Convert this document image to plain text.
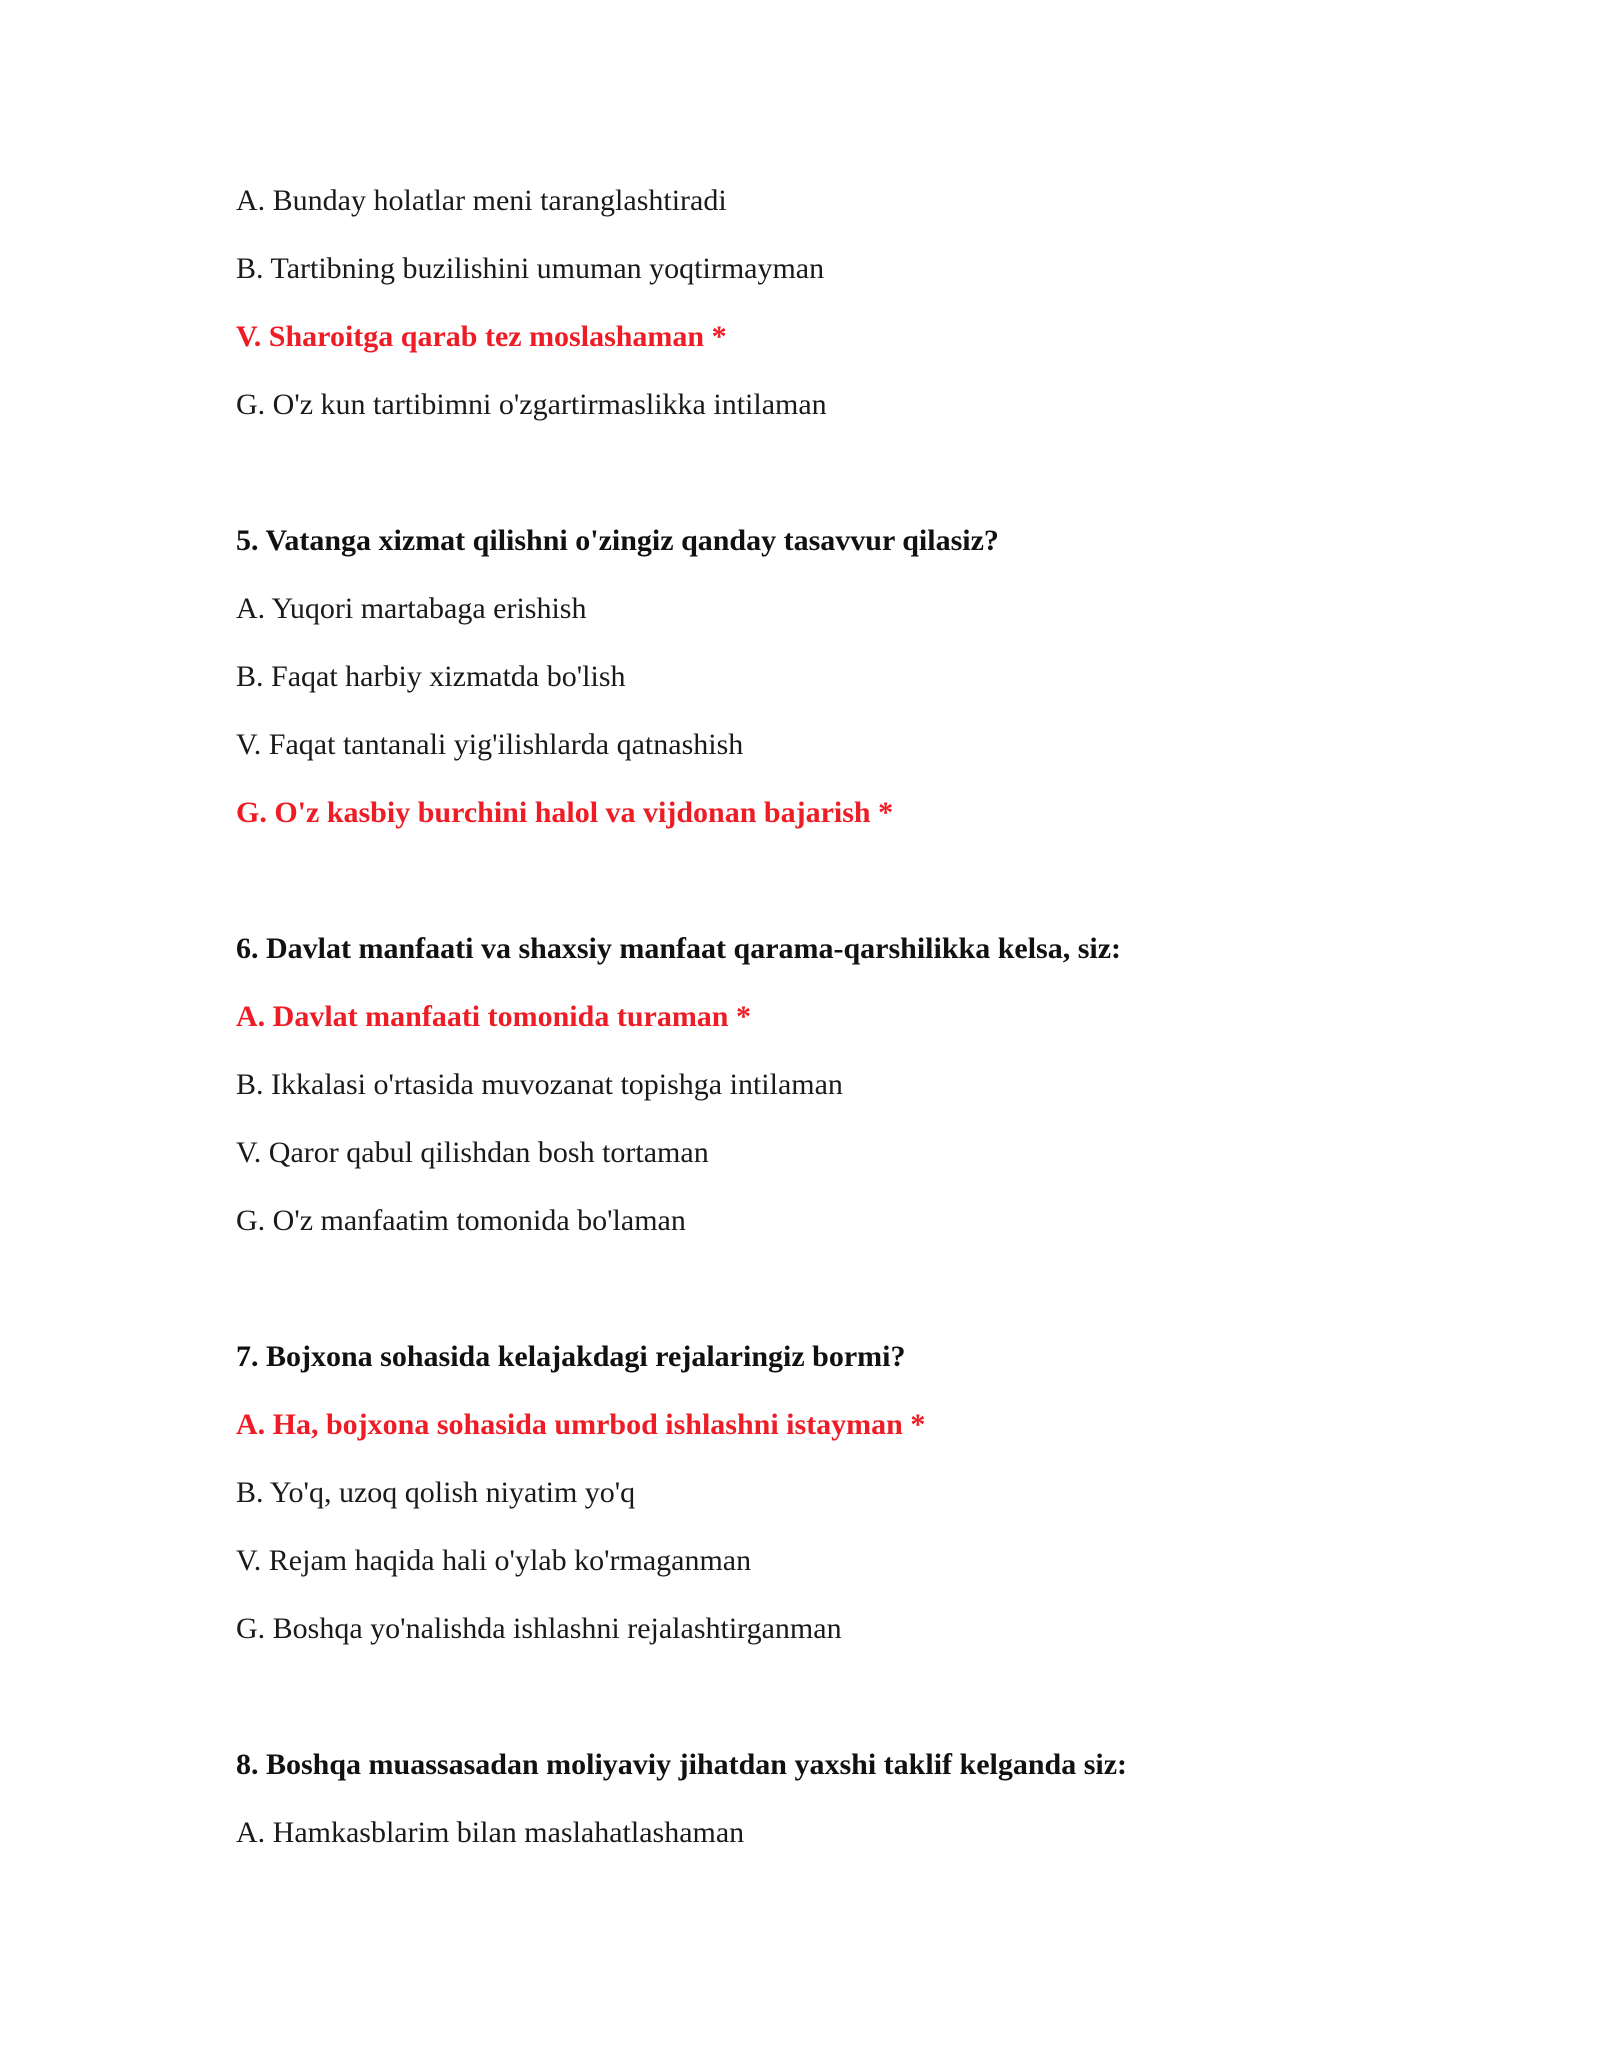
A. Bunday holatlar meni taranglashtiradi
B. Tartibning buzilishini umuman yoqtirmayman
V. Sharoitga qarab tez moslashaman *
G. O'z kun tartibimni o'zgartirmaslikka intilaman
5. Vatanga xizmat qilishni o'zingiz qanday tasavvur qilasiz?
A. Yuqori martabaga erishish
B. Faqat harbiy xizmatda bo'lish
V. Faqat tantanali yig'ilishlarda qatnashish
G. O'z kasbiy burchini halol va vijdonan bajarish *
6. Davlat manfaati va shaxsiy manfaat qarama-qarshilikka kelsa, siz:
A. Davlat manfaati tomonida turaman *
B. Ikkalasi o'rtasida muvozanat topishga intilaman
V. Qaror qabul qilishdan bosh tortaman
G. O'z manfaatim tomonida bo'laman
7. Bojxona sohasida kelajakdagi rejalaringiz bormi?
A. Ha, bojxona sohasida umrbod ishlashni istayman *
B. Yo'q, uzoq qolish niyatim yo'q
V. Rejam haqida hali o'ylab ko'rmaganman
G. Boshqa yo'nalishda ishlashni rejalashtirganman
8. Boshqa muassasadan moliyaviy jihatdan yaxshi taklif kelganda siz:
A. Hamkasblarim bilan maslahatlashaman
